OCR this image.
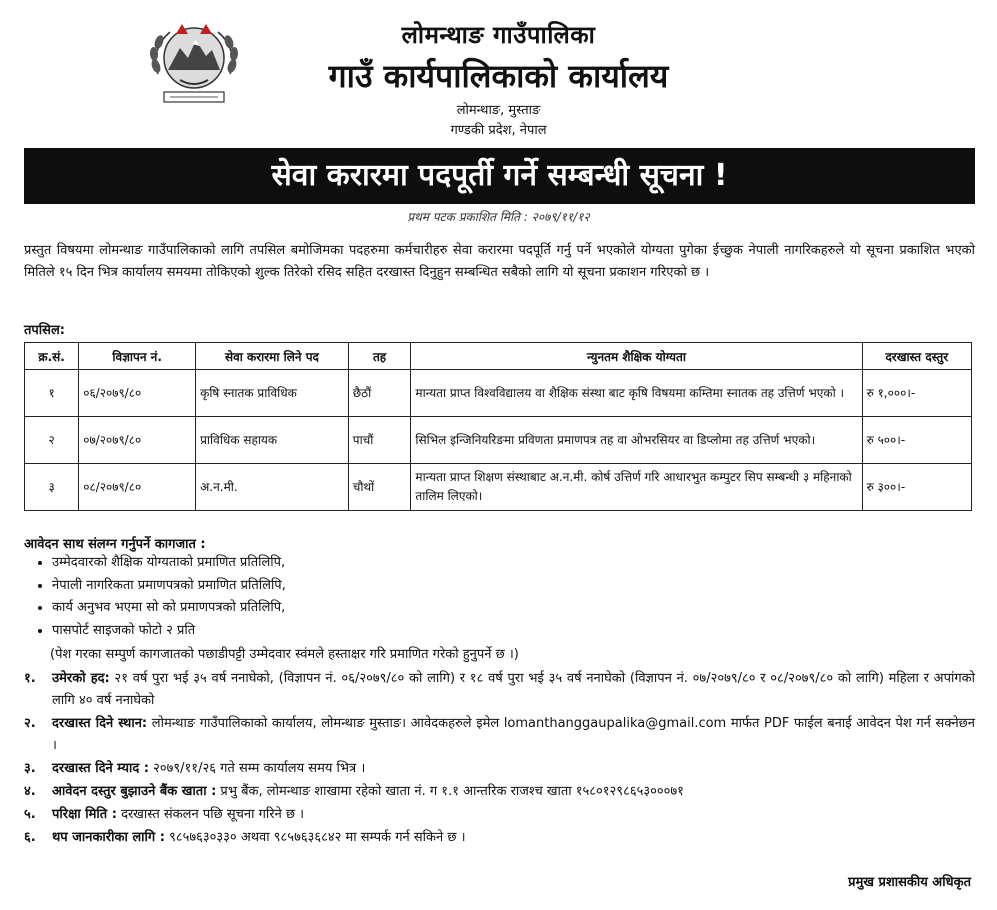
लोमन्थाङ गाउँपालिका
गाउँ कार्यपालिकाको कार्यालय
लोमन्थाङ, मुस्ताङ
गण्डकी प्रदेश, नेपाल
सेवा करारमा पदपूर्ती गर्ने सम्बन्धी सूचना !
प्रथम पटक प्रकाशित मिति : २०७९/११/१२
प्रस्तुत विषयमा लोमन्थाङ गाउँपालिकाको लागि तपसिल बमोजिमका पदहरुमा कर्मचारीहरु सेवा करारमा पदपूर्ति गर्नु पर्ने भएकोले योग्यता पुगेका ईच्छुक नेपाली नागरिकहरुले यो सूचना प्रकाशित भएको मितिले १५ दिन भित्र कार्यालय समयमा तोकिएको शुल्क तिरेको रसिद सहित दरखास्त दिनुहुन सम्बन्धित सबैको लागि यो सूचना प्रकाशन गरिएको छ ।
तपसिल:
क्र.सं.	विज्ञापन नं.	सेवा करारमा लिने पद	तह	न्युनतम शैक्षिक योग्यता	दरखास्त दस्तुर
१	०६/२०७९/८०	कृषि स्नातक प्राविधिक	छैठौं	मान्यता प्राप्त विश्वविद्यालय वा शैक्षिक संस्था बाट कृषि विषयमा कम्तिमा स्नातक तह उत्तिर्ण भएको ।	रु १,०००।-
२	०७/२०७९/८०	प्राविधिक सहायक	पाचौं	सिभिल इन्जिनियरिङमा प्रविणता प्रमाणपत्र तह वा ओभरसियर वा डिप्लोमा तह उत्तिर्ण भएको।	रु ५००।-
३	०८/२०७९/८०	अ.न.मी.	चौथों	मान्यता प्राप्त शिक्षण संस्थाबाट अ.न.मी. कोर्ष उत्तिर्ण गरि आधारभुत कम्पुटर सिप सम्बन्धी ३ महिनाको तालिम लिएको।	रु ३००।-
आवेदन साथ संलग्न गर्नुपर्ने कागजात :
• उम्मेदवारको शैक्षिक योग्यताको प्रमाणित प्रतिलिपि,
• नेपाली नागरिकता प्रमाणपत्रको प्रमाणित प्रतिलिपि,
• कार्य अनुभव भएमा सो को प्रमाणपत्रको प्रतिलिपि,
• पासपोर्ट साइजको फोटो २ प्रति
(पेश गरका सम्पुर्ण कागजातको पछाडीपट्टी उम्मेदवार स्वंमले हस्ताक्षर गरि प्रमाणित गरेको हुनुपर्ने छ ।)
१.	उमेरको हद: २१ वर्ष पुरा भई ३५ वर्ष ननाघेको, (विज्ञापन नं. ०६/२०७९/८० को लागि) र १८ वर्ष पुरा भई ३५ वर्ष ननाघेको (विज्ञापन नं. ०७/२०७९/८० र ०८/२०७९/८० को लागि) महिला र अपांगको लागि ४० वर्ष ननाघेको
२.	दरखास्त दिने स्थान: लोमन्थाङ गाउँपालिकाको कार्यालय, लोमन्थाङ मुस्ताङ। आवेदकहरुले इमेल lomanthanggaupalika@gmail.com मार्फत PDF फाईल बनाई आवेदन पेश गर्न सक्नेछन ।
३.	दरखास्त दिने म्याद : २०७९/११/२६ गते सम्म कार्यालय समय भित्र ।
४.	आवेदन दस्तुर बुझाउने बैंक खाता : प्रभु बैंक, लोमन्थाङ शाखामा रहेको खाता नं. ग १.१ आन्तरिक राजश्च खाता १५८०१२९८६५३०००७१
५.	परिक्षा मिति : दरखास्त संकलन पछि सूचना गरिने छ ।
६.	थप जानकारीका लागि : ९८५७६३०३३० अथवा ९८५७६३६८४२ मा सम्पर्क गर्न सकिने छ ।
प्रमुख प्रशासकीय अधिकृत
